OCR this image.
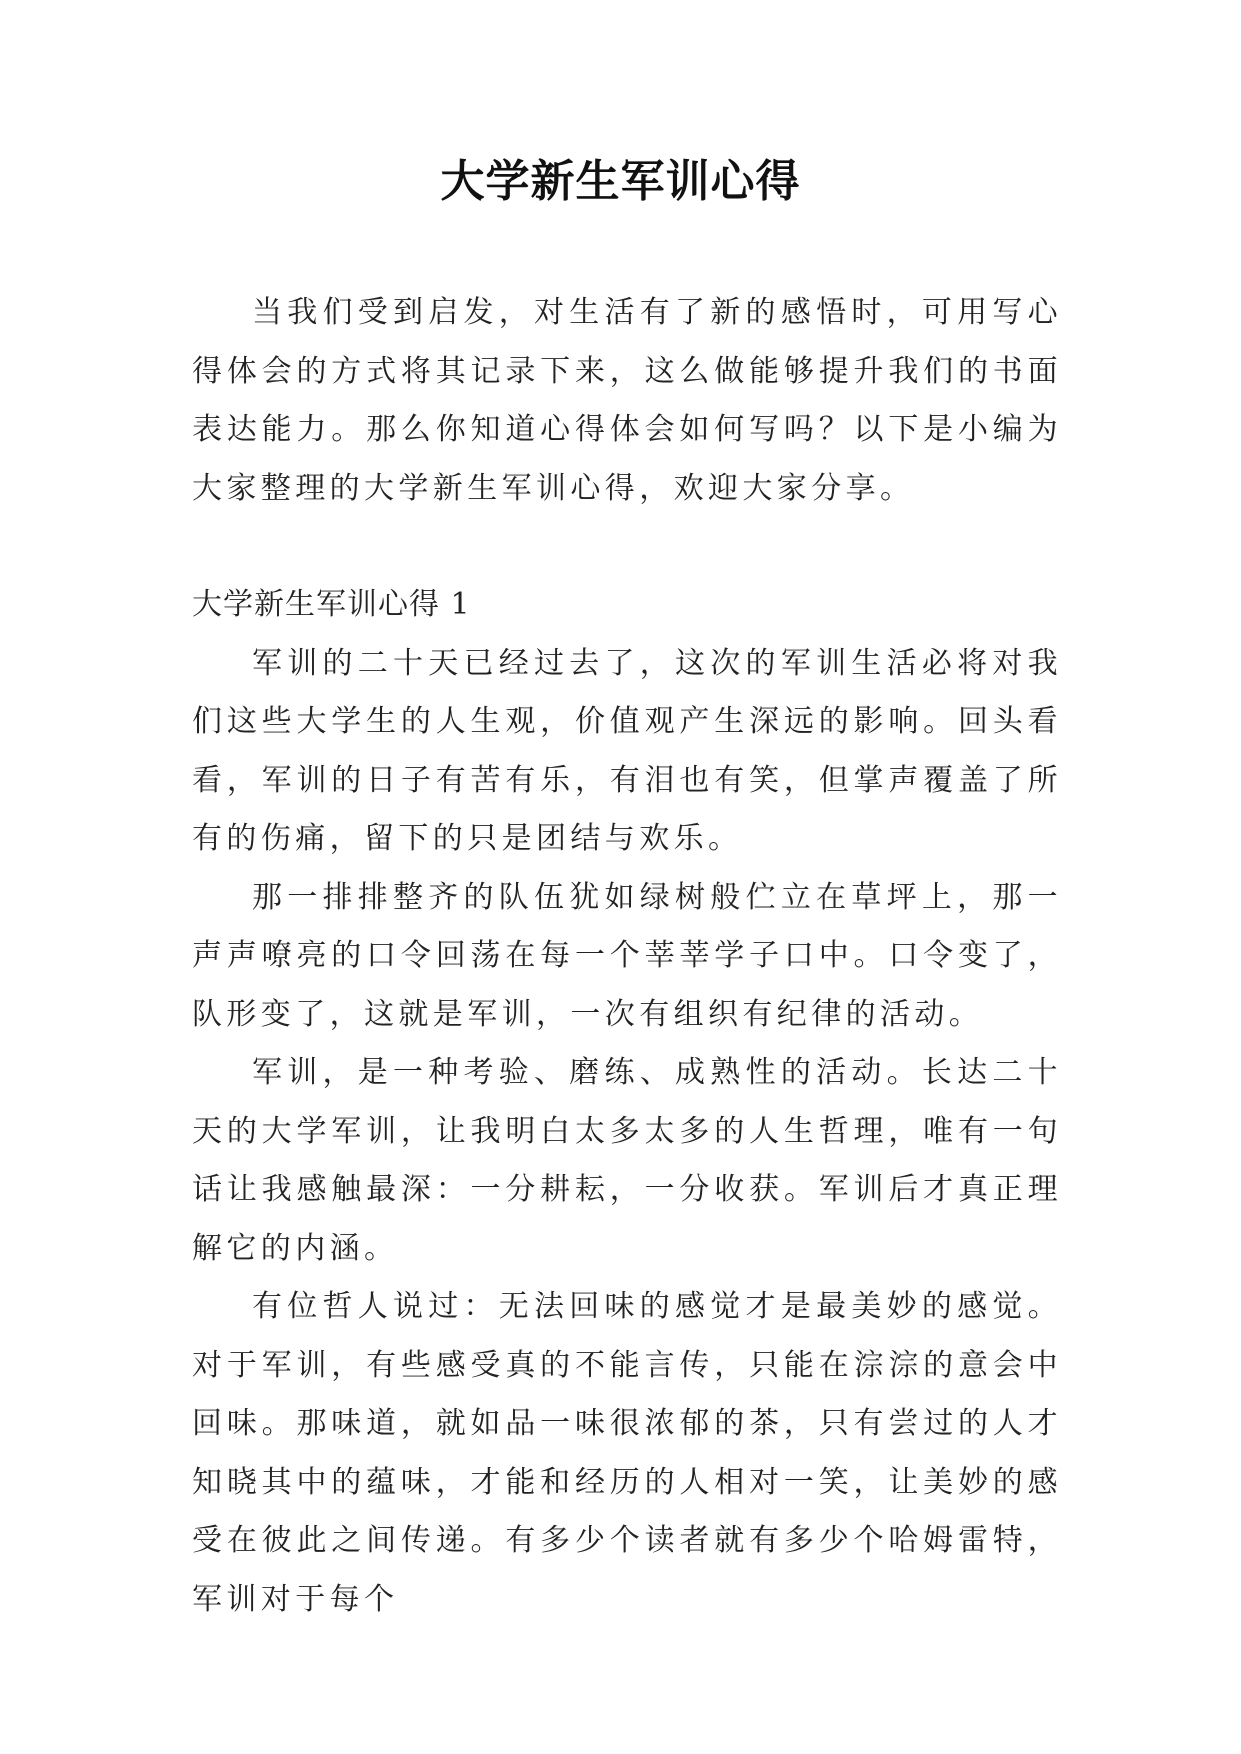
大学新生军训心得

当我们受到启发，对生活有了新的感悟时，可用写心得体会的方式将其记录下来，这么做能够提升我们的书面表达能力。那么你知道心得体会如何写吗？以下是小编为大家整理的大学新生军训心得，欢迎大家分享。

大学新生军训心得 1

军训的二十天已经过去了，这次的军训生活必将对我们这些大学生的人生观，价值观产生深远的影响。回头看看，军训的日子有苦有乐，有泪也有笑，但掌声覆盖了所有的伤痛，留下的只是团结与欢乐。

那一排排整齐的队伍犹如绿树般伫立在草坪上，那一声声嘹亮的口令回荡在每一个莘莘学子口中。口令变了，队形变了，这就是军训，一次有组织有纪律的活动。

军训，是一种考验、磨练、成熟性的活动。长达二十天的大学军训，让我明白太多太多的人生哲理，唯有一句话让我感触最深：一分耕耘，一分收获。军训后才真正理解它的内涵。

有位哲人说过：无法回味的感觉才是最美妙的感觉。对于军训，有些感受真的不能言传，只能在淙淙的意会中回味。那味道，就如品一味很浓郁的茶，只有尝过的人才知晓其中的蕴味，才能和经历的人相对一笑，让美妙的感受在彼此之间传递。有多少个读者就有多少个哈姆雷特，军训对于每个
